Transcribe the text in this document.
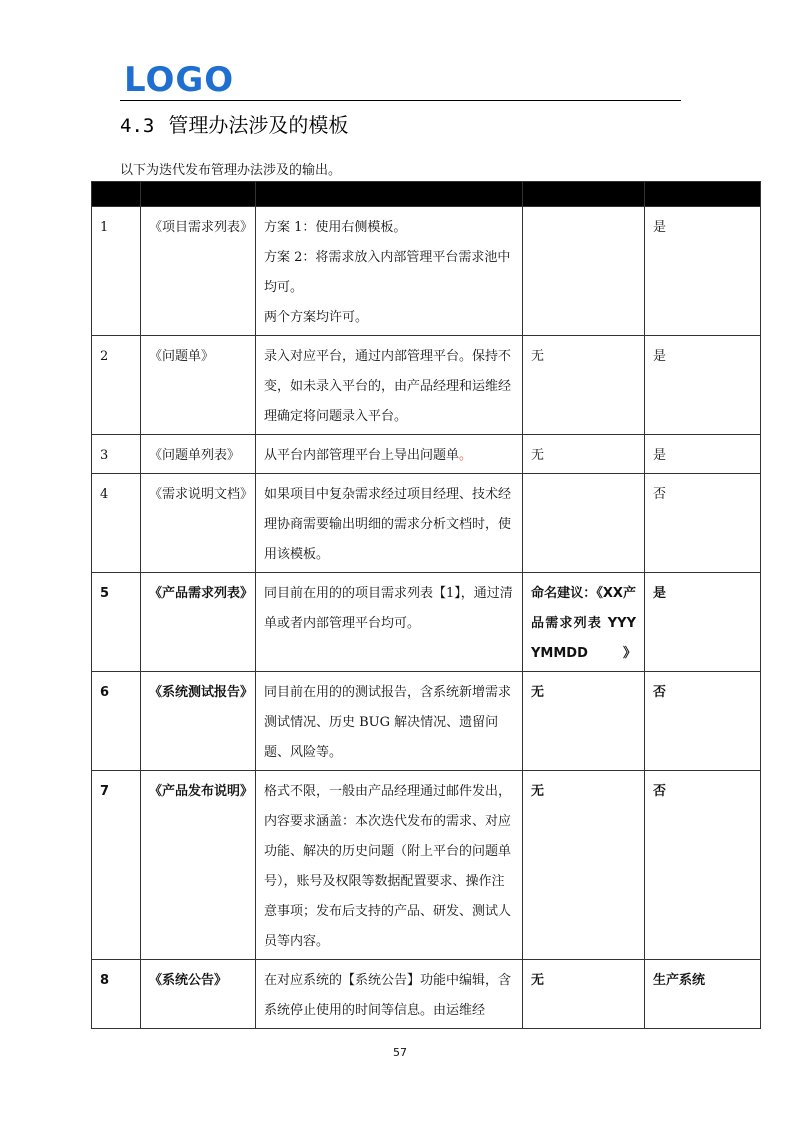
LOGO
4.3 管理办法涉及的模板
以下为迭代发布管理办法涉及的输出。

1	《项目需求列表》	方案 1：使用右侧模板。
方案 2：将需求放入内部管理平台需求池中均可。
两个方案均许可。		是
2	《问题单》	录入对应平台，通过内部管理平台。保持不变，如未录入平台的，由产品经理和运维经理确定将问题录入平台。	无	是
3	《问题单列表》	从平台内部管理平台上导出问题单。	无	是
4	《需求说明文档》	如果项目中复杂需求经过项目经理、技术经理协商需要输出明细的需求分析文档时，使用该模板。		否
5	《产品需求列表》	同目前在用的的项目需求列表【1】，通过清单或者内部管理平台均可。	命名建议：《XX产品需求列表 YYYYMMDD》	是
6	《系统测试报告》	同目前在用的的测试报告，含系统新增需求测试情况、历史 BUG 解决情况、遗留问题、风险等。	无	否
7	《产品发布说明》	格式不限，一般由产品经理通过邮件发出，内容要求涵盖：本次迭代发布的需求、对应功能、解决的历史问题（附上平台的问题单号），账号及权限等数据配置要求、操作注意事项；发布后支持的产品、研发、测试人员等内容。	无	否
8	《系统公告》	在对应系统的【系统公告】功能中编辑，含系统停止使用的时间等信息。由运维经	无	生产系统
57
